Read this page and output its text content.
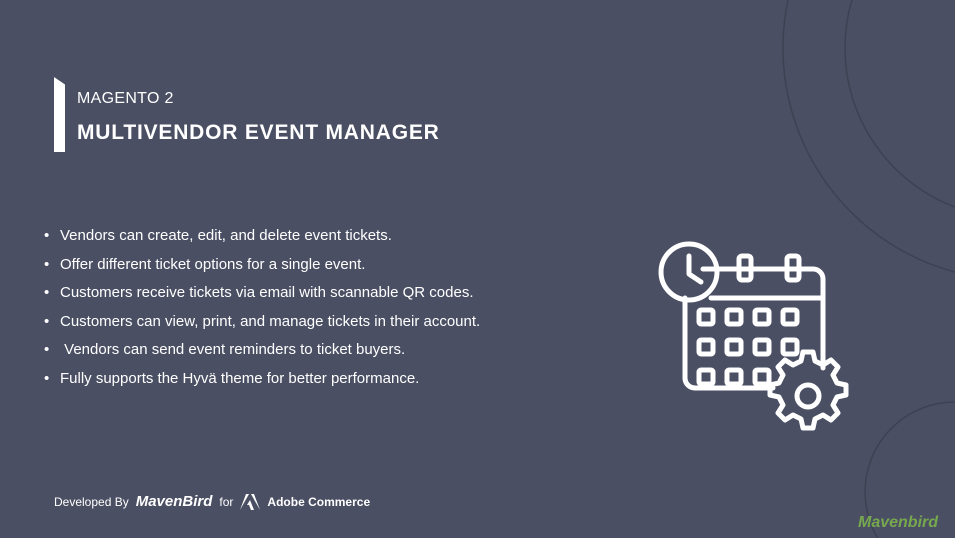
MAGENTO 2
MULTIVENDOR EVENT MANAGER
• Vendors can create, edit, and delete event tickets.
• Offer different ticket options for a single event.
• Customers receive tickets via email with scannable QR codes.
• Customers can view, print, and manage tickets in their account.
• Vendors can send event reminders to ticket buyers.
• Fully supports the Hyvä theme for better performance.
Developed By MavenBird for	Adobe Commerce
Mavenbird
